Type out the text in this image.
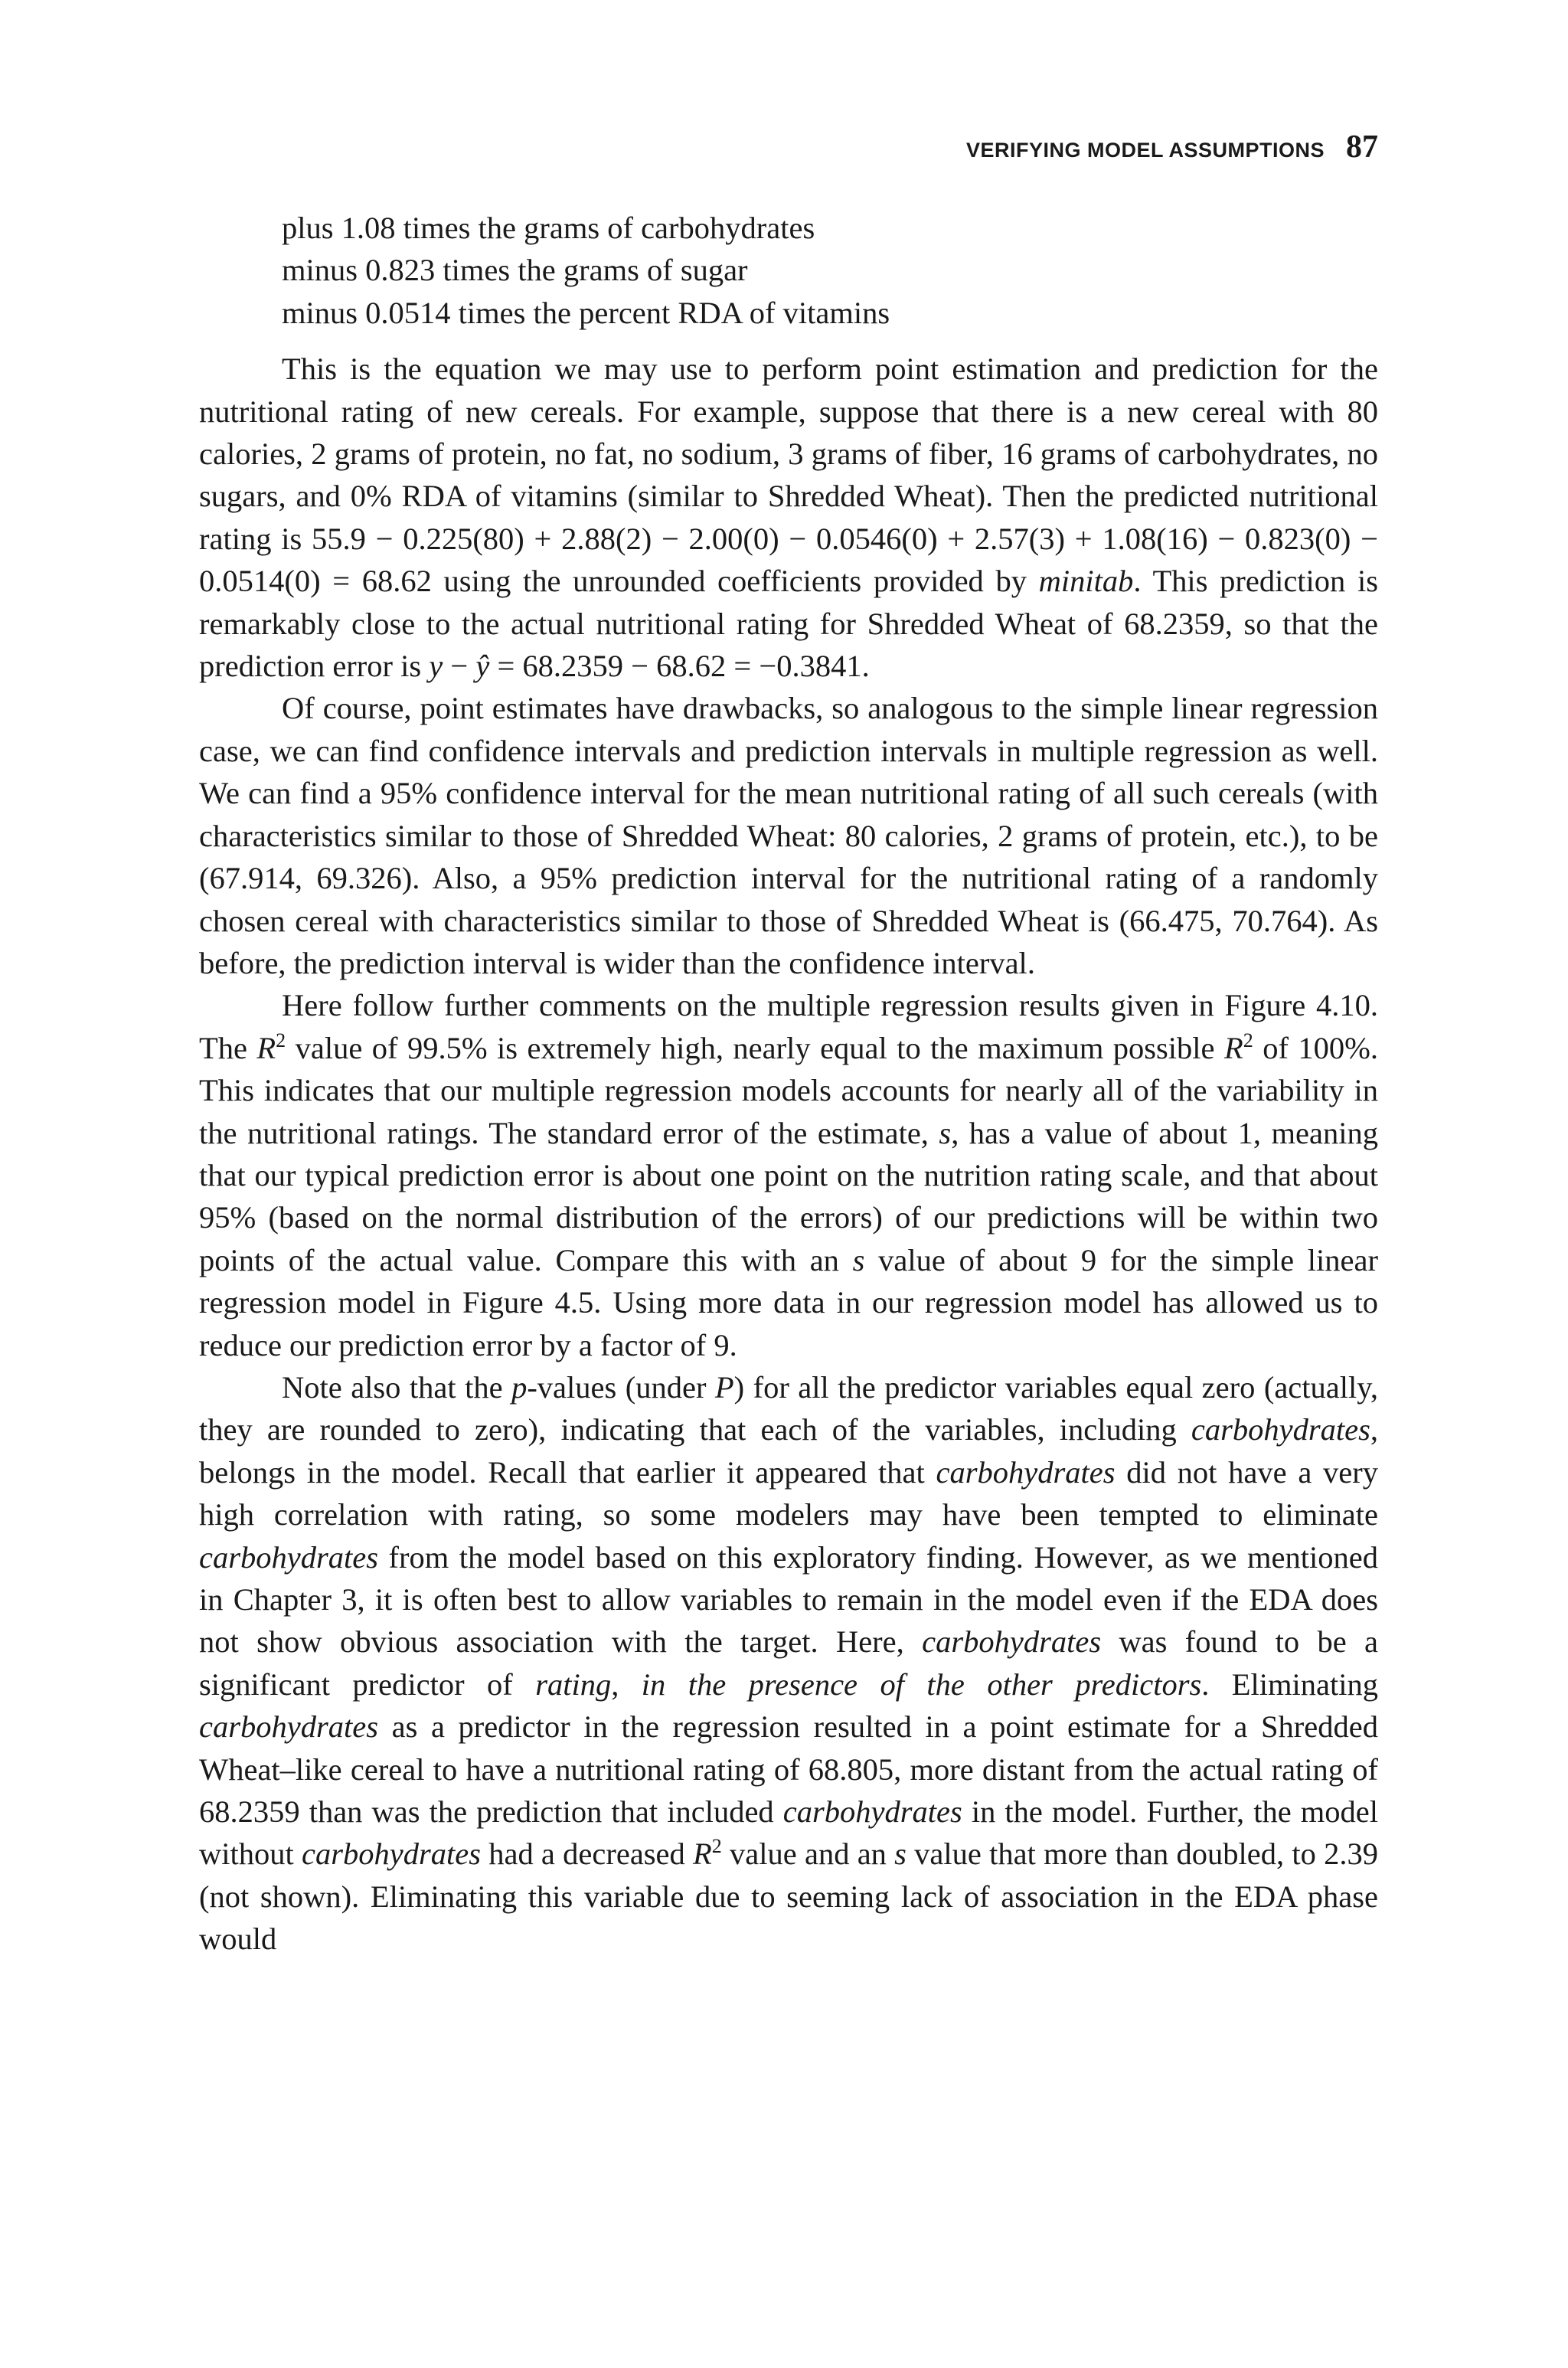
VERIFYING MODEL ASSUMPTIONS 87
plus 1.08 times the grams of carbohydrates
minus 0.823 times the grams of sugar
minus 0.0514 times the percent RDA of vitamins

This is the equation we may use to perform point estimation and prediction for the nutritional rating of new cereals. For example, suppose that there is a new cereal with 80 calories, 2 grams of protein, no fat, no sodium, 3 grams of fiber, 16 grams of carbohydrates, no sugars, and 0% RDA of vitamins (similar to Shredded Wheat). Then the predicted nutritional rating is 55.9 − 0.225(80) + 2.88(2) − 2.00(0) − 0.0546(0) + 2.57(3) + 1.08(16) − 0.823(0) − 0.0514(0) = 68.62 using the unrounded coefficients provided by minitab. This prediction is remarkably close to the actual nutritional rating for Shredded Wheat of 68.2359, so that the prediction error is y − ŷ = 68.2359 − 68.62 = −0.3841.

Of course, point estimates have drawbacks, so analogous to the simple linear regression case, we can find confidence intervals and prediction intervals in multiple regression as well. We can find a 95% confidence interval for the mean nutritional rating of all such cereals (with characteristics similar to those of Shredded Wheat: 80 calories, 2 grams of protein, etc.), to be (67.914, 69.326). Also, a 95% prediction interval for the nutritional rating of a randomly chosen cereal with characteristics similar to those of Shredded Wheat is (66.475, 70.764). As before, the prediction interval is wider than the confidence interval.

Here follow further comments on the multiple regression results given in Figure 4.10. The $R^2$ value of 99.5% is extremely high, nearly equal to the maximum possible $R^2$ of 100%. This indicates that our multiple regression models accounts for nearly all of the variability in the nutritional ratings. The standard error of the estimate, s, has a value of about 1, meaning that our typical prediction error is about one point on the nutrition rating scale, and that about 95% (based on the normal distribution of the errors) of our predictions will be within two points of the actual value. Compare this with an s value of about 9 for the simple linear regression model in Figure 4.5. Using more data in our regression model has allowed us to reduce our prediction error by a factor of 9.

Note also that the p-values (under P) for all the predictor variables equal zero (actually, they are rounded to zero), indicating that each of the variables, including carbohydrates, belongs in the model. Recall that earlier it appeared that carbohydrates did not have a very high correlation with rating, so some modelers may have been tempted to eliminate carbohydrates from the model based on this exploratory finding. However, as we mentioned in Chapter 3, it is often best to allow variables to remain in the model even if the EDA does not show obvious association with the target. Here, carbohydrates was found to be a significant predictor of rating, in the presence of the other predictors. Eliminating carbohydrates as a predictor in the regression resulted in a point estimate for a Shredded Wheat–like cereal to have a nutritional rating of 68.805, more distant from the actual rating of 68.2359 than was the prediction that included carbohydrates in the model. Further, the model without carbohydrates had a decreased $R^2$ value and an s value that more than doubled, to 2.39 (not shown). Eliminating this variable due to seeming lack of association in the EDA phase would
